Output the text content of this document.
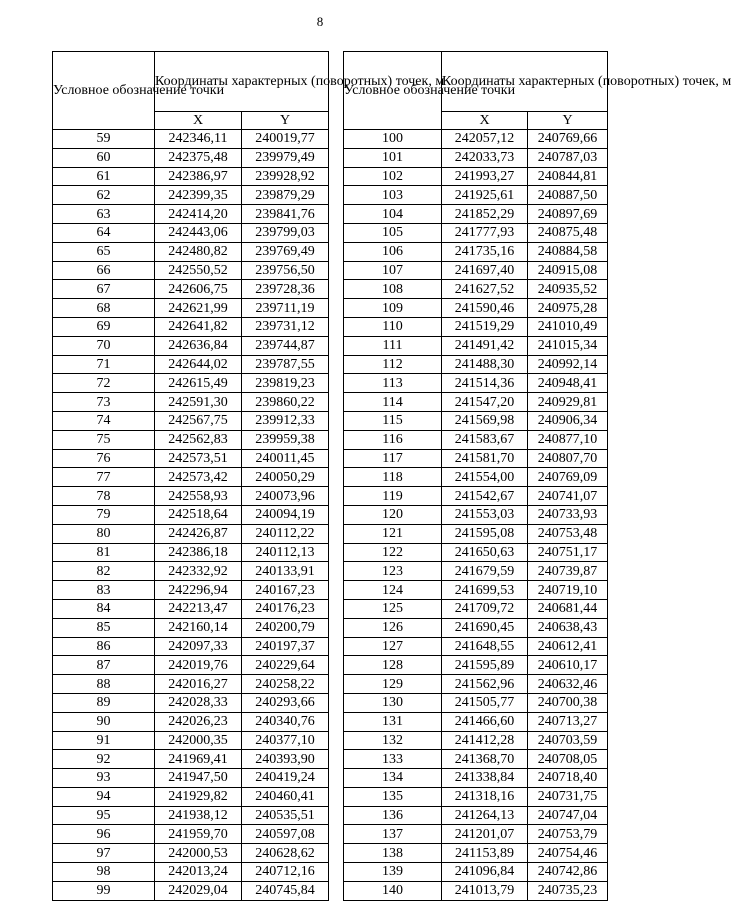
8
Условное обозначение точки	Координаты характерных (поворотных) точек, м	
	X	Y
59	242346,11	240019,77
60	242375,48	239979,49
61	242386,97	239928,92
62	242399,35	239879,29
63	242414,20	239841,76
64	242443,06	239799,03
65	242480,82	239769,49
66	242550,52	239756,50
67	242606,75	239728,36
68	242621,99	239711,19
69	242641,82	239731,12
70	242636,84	239744,87
71	242644,02	239787,55
72	242615,49	239819,23
73	242591,30	239860,22
74	242567,75	239912,33
75	242562,83	239959,38
76	242573,51	240011,45
77	242573,42	240050,29
78	242558,93	240073,96
79	242518,64	240094,19
80	242426,87	240112,22
81	242386,18	240112,13
82	242332,92	240133,91
83	242296,94	240167,23
84	242213,47	240176,23
85	242160,14	240200,79
86	242097,33	240197,37
87	242019,76	240229,64
88	242016,27	240258,22
89	242028,33	240293,66
90	242026,23	240340,76
91	242000,35	240377,10
92	241969,41	240393,90
93	241947,50	240419,24
94	241929,82	240460,41
95	241938,12	240535,51
96	241959,70	240597,08
97	242000,53	240628,62
98	242013,24	240712,16
99	242029,04	240745,84
Условное обозначение точки	Координаты характерных (поворотных) точек, м	
	X	Y
100	242057,12	240769,66
101	242033,73	240787,03
102	241993,27	240844,81
103	241925,61	240887,50
104	241852,29	240897,69
105	241777,93	240875,48
106	241735,16	240884,58
107	241697,40	240915,08
108	241627,52	240935,52
109	241590,46	240975,28
110	241519,29	241010,49
111	241491,42	241015,34
112	241488,30	240992,14
113	241514,36	240948,41
114	241547,20	240929,81
115	241569,98	240906,34
116	241583,67	240877,10
117	241581,70	240807,70
118	241554,00	240769,09
119	241542,67	240741,07
120	241553,03	240733,93
121	241595,08	240753,48
122	241650,63	240751,17
123	241679,59	240739,87
124	241699,53	240719,10
125	241709,72	240681,44
126	241690,45	240638,43
127	241648,55	240612,41
128	241595,89	240610,17
129	241562,96	240632,46
130	241505,77	240700,38
131	241466,60	240713,27
132	241412,28	240703,59
133	241368,70	240708,05
134	241338,84	240718,40
135	241318,16	240731,75
136	241264,13	240747,04
137	241201,07	240753,79
138	241153,89	240754,46
139	241096,84	240742,86
140	241013,79	240735,23
